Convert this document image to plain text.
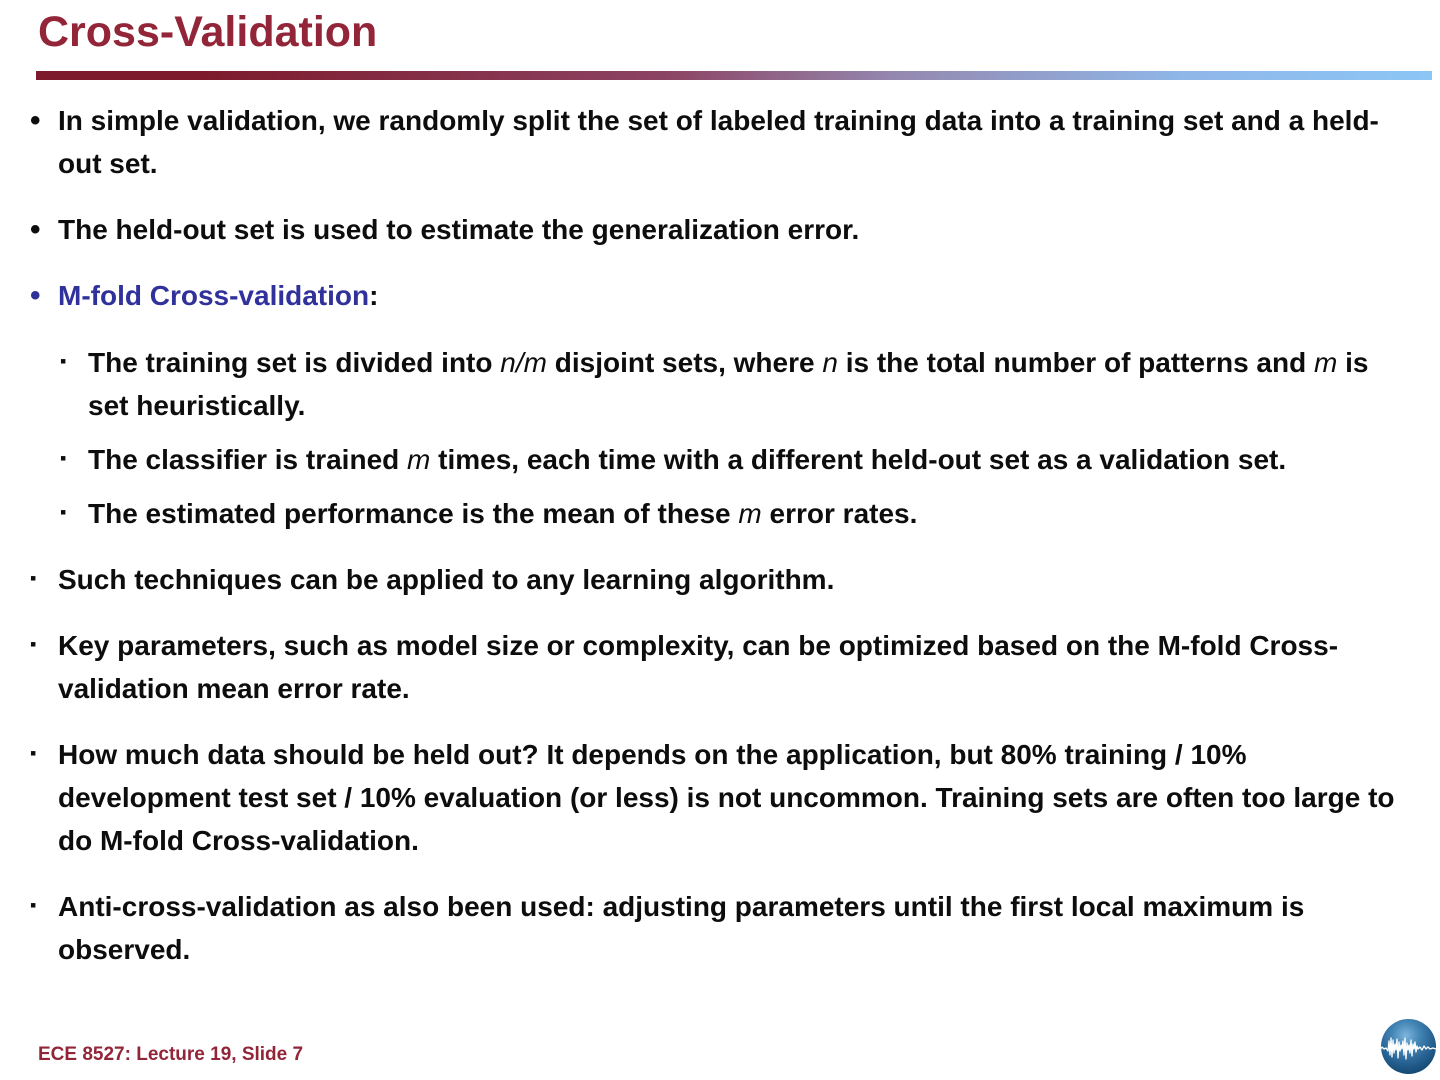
Cross-Validation
• In simple validation, we randomly split the set of labeled training data into a training set and a held-out set.
• The held-out set is used to estimate the generalization error.
• M-fold Cross-validation:
▪ The training set is divided into n/m disjoint sets, where n is the total number of patterns and m is set heuristically.
▪ The classifier is trained m times, each time with a different held-out set as a validation set.
▪ The estimated performance is the mean of these m error rates.
▪ Such techniques can be applied to any learning algorithm.
▪ Key parameters, such as model size or complexity, can be optimized based on the M-fold Cross-validation mean error rate.
▪ How much data should be held out? It depends on the application, but 80% training / 10% development test set / 10% evaluation (or less) is not uncommon. Training sets are often too large to do M-fold Cross-validation.
▪ Anti-cross-validation as also been used: adjusting parameters until the first local maximum is observed.
ECE 8527: Lecture 19, Slide 7
